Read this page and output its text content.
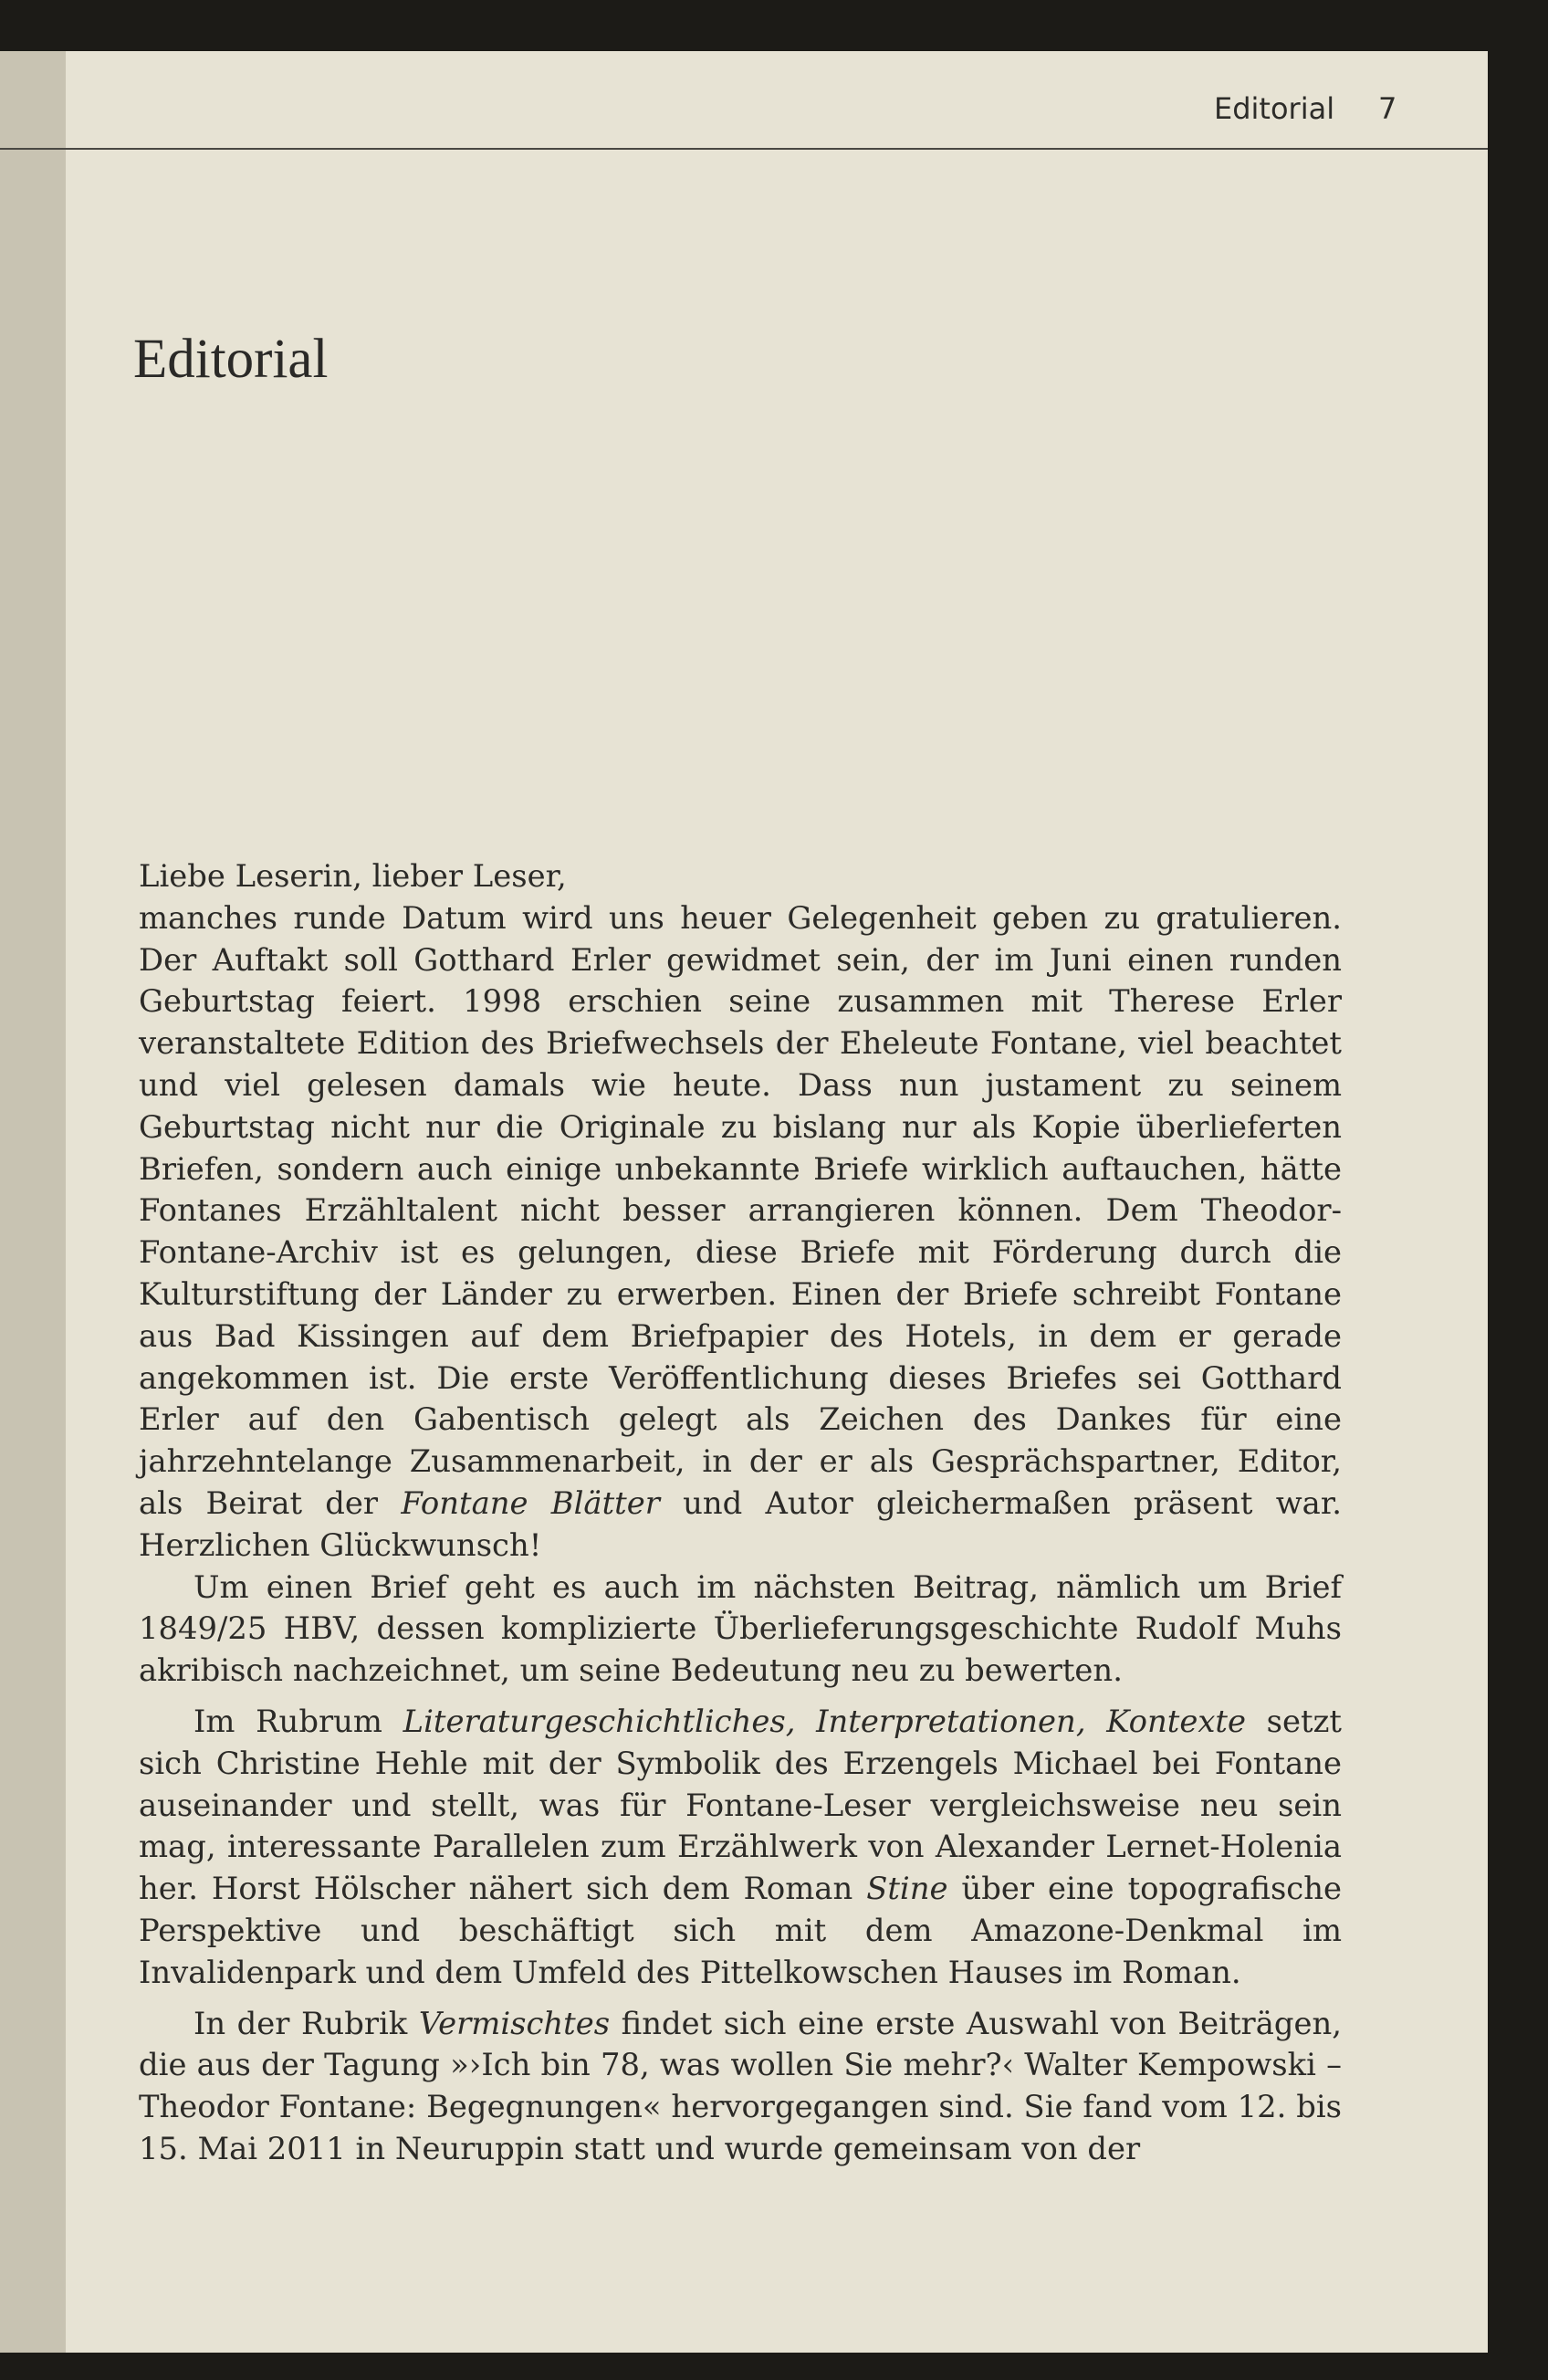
Editorial 7
Editorial

Liebe Leserin, lieber Leser,

manches runde Datum wird uns heuer Gelegenheit geben zu gratulieren. Der Auftakt soll Gotthard Erler gewidmet sein, der im Juni einen runden Geburtstag feiert. 1998 erschien seine zusammen mit Therese Erler veranstaltete Edition des Briefwechsels der Eheleute Fontane, viel beachtet und viel gelesen damals wie heute. Dass nun justament zu seinem Geburtstag nicht nur die Originale zu bislang nur als Kopie überlieferten Briefen, sondern auch einige unbekannte Briefe wirklich auftauchen, hätte Fontanes Erzähltalent nicht besser arrangieren können. Dem Theodor-Fontane-Archiv ist es gelungen, diese Briefe mit Förderung durch die Kulturstiftung der Länder zu erwerben. Einen der Briefe schreibt Fontane aus Bad Kissingen auf dem Briefpapier des Hotels, in dem er gerade angekommen ist. Die erste Veröffentlichung dieses Briefes sei Gotthard Erler auf den Gabentisch gelegt als Zeichen des Dankes für eine jahrzehntelange Zusammenarbeit, in der er als Gesprächspartner, Editor, als Beirat der Fontane Blätter und Autor gleichermaßen präsent war. Herzlichen Glückwunsch!

Um einen Brief geht es auch im nächsten Beitrag, nämlich um Brief 1849/25 HBV, dessen komplizierte Überlieferungsgeschichte Rudolf Muhs akribisch nachzeichnet, um seine Bedeutung neu zu bewerten.

Im Rubrum Literaturgeschichtliches, Interpretationen, Kontexte setzt sich Christine Hehle mit der Symbolik des Erzengels Michael bei Fontane auseinander und stellt, was für Fontane-Leser vergleichsweise neu sein mag, interessante Parallelen zum Erzählwerk von Alexander Lernet-Holenia her. Horst Hölscher nähert sich dem Roman Stine über eine topografische Perspektive und beschäftigt sich mit dem Amazone-Denkmal im Invalidenpark und dem Umfeld des Pittelkowschen Hauses im Roman.

In der Rubrik Vermischtes findet sich eine erste Auswahl von Beiträgen, die aus der Tagung »›Ich bin 78, was wollen Sie mehr?‹ Walter Kempowski – Theodor Fontane: Begegnungen« hervorgegangen sind. Sie fand vom 12. bis 15. Mai 2011 in Neuruppin statt und wurde gemeinsam von der
